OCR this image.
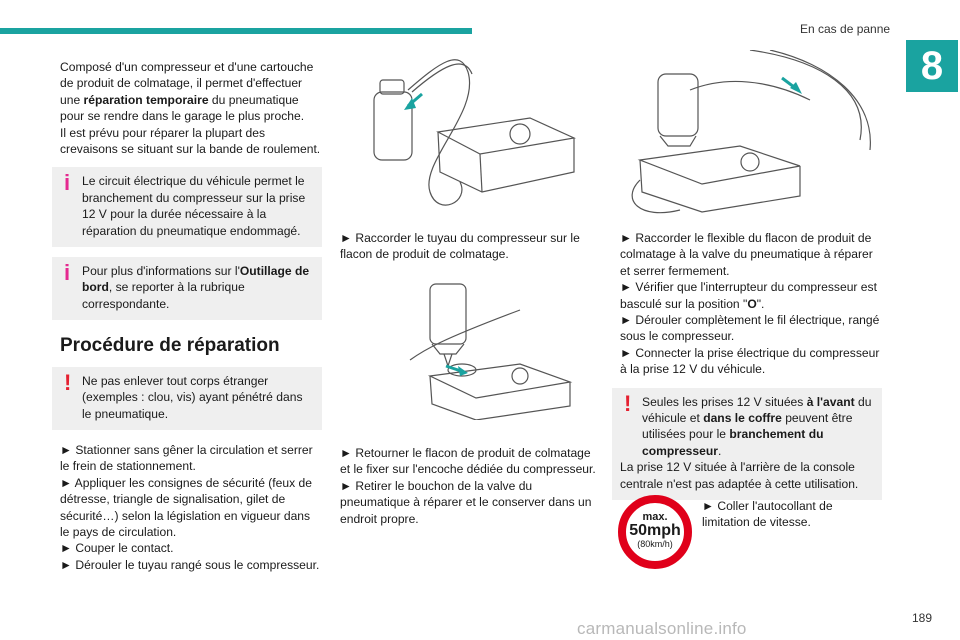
En cas de panne
8

Composé d'un compresseur et d'une cartouche de produit de colmatage, il permet d'effectuer une réparation temporaire du pneumatique pour se rendre dans le garage le plus proche.

Il est prévu pour réparer la plupart des crevaisons se situant sur la bande de roulement.

i Le circuit électrique du véhicule permet le branchement du compresseur sur la prise 12 V pour la durée nécessaire à la réparation du pneumatique endommagé.
i Pour plus d'informations sur l'Outillage de bord, se reporter à la rubrique correspondante.
Procédure de réparation
! Ne pas enlever tout corps étranger (exemples : clou, vis) ayant pénétré dans le pneumatique.

► Stationner sans gêner la circulation et serrer le frein de stationnement.

► Appliquer les consignes de sécurité (feux de détresse, triangle de signalisation, gilet de sécurité…) selon la législation en vigueur dans le pays de circulation.

► Couper le contact.

► Dérouler le tuyau rangé sous le compresseur.

► Raccorder le tuyau du compresseur sur le flacon de produit de colmatage.

► Retourner le flacon de produit de colmatage et le fixer sur l'encoche dédiée du compresseur.

► Retirer le bouchon de la valve du pneumatique à réparer et le conserver dans un endroit propre.

► Raccorder le flexible du flacon de produit de colmatage à la valve du pneumatique à réparer et serrer fermement.

► Vérifier que l'interrupteur du compresseur est basculé sur la position "O".

► Dérouler complètement le fil électrique, rangé sous le compresseur.

► Connecter la prise électrique du compresseur à la prise 12 V du véhicule.

! Seules les prises 12 V situées à l'avant du véhicule et dans le coffre peuvent être utilisées pour le branchement du compresseur.
La prise 12 V située à l'arrière de la console centrale n'est pas adaptée à cette utilisation.
max.
50mph
(80km/h)

► Coller l'autocollant de limitation de vitesse.

189
carmanualsonline.info
